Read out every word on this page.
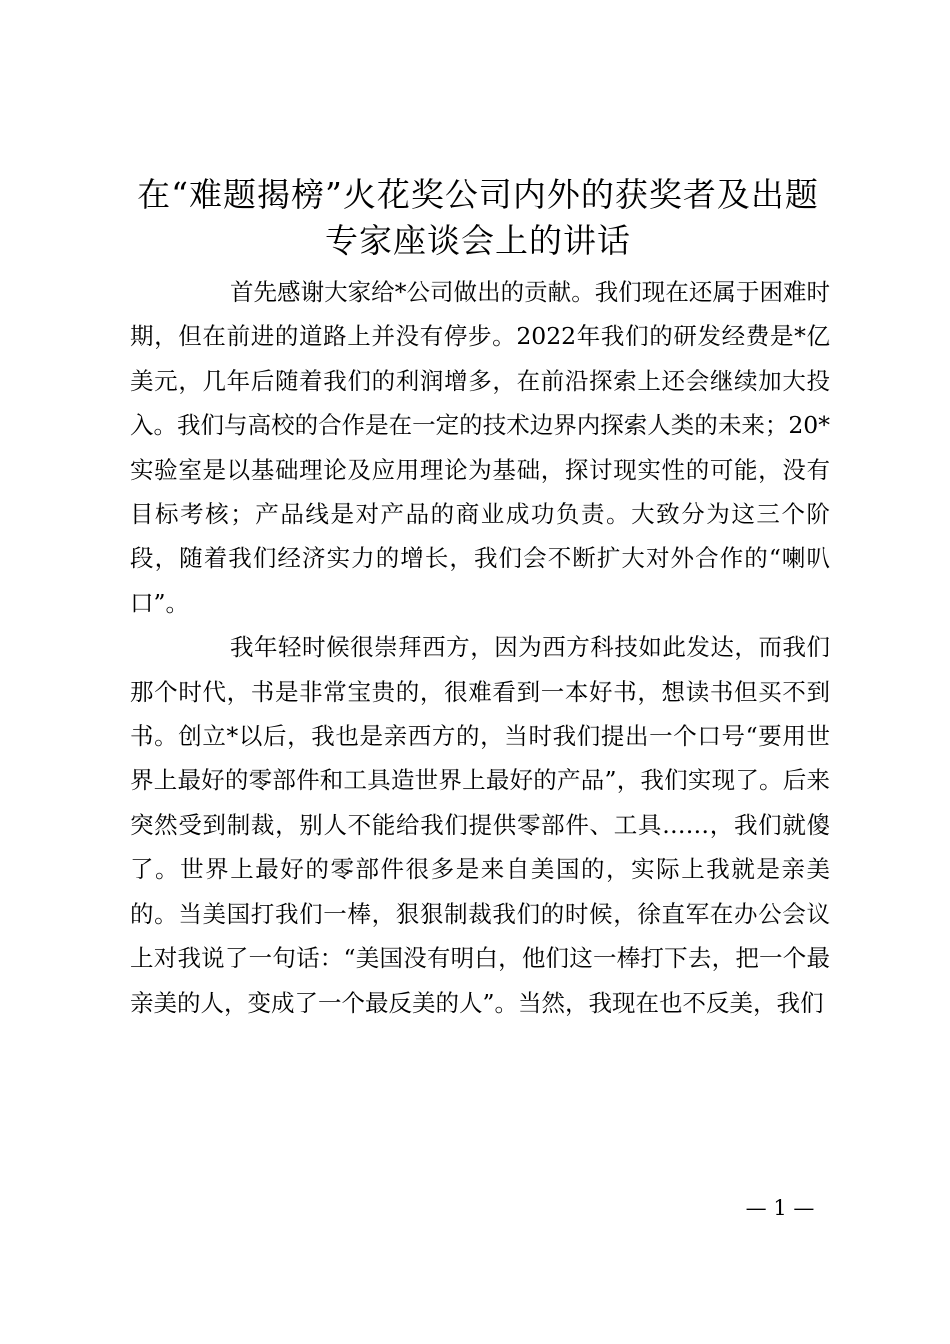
在“难题揭榜”火花奖公司内外的获奖者及出题专家座谈会上的讲话

首先感谢大家给*公司做出的贡献。我们现在还属于困难时期，但在前进的道路上并没有停步。2022年我们的研发经费是*亿美元，几年后随着我们的利润增多，在前沿探索上还会继续加大投入。我们与高校的合作是在一定的技术边界内探索人类的未来；20*实验室是以基础理论及应用理论为基础，探讨现实性的可能，没有目标考核；产品线是对产品的商业成功负责。大致分为这三个阶段，随着我们经济实力的增长，我们会不断扩大对外合作的“喇叭口”。

我年轻时候很崇拜西方，因为西方科技如此发达，而我们那个时代，书是非常宝贵的，很难看到一本好书，想读书但买不到书。创立*以后，我也是亲西方的，当时我们提出一个口号“要用世界上最好的零部件和工具造世界上最好的产品”，我们实现了。后来突然受到制裁，别人不能给我们提供零部件、工具……，我们就傻了。世界上最好的零部件很多是来自美国的，实际上我就是亲美的。当美国打我们一棒，狠狠制裁我们的时候，徐直军在办公会议上对我说了一句话：“美国没有明白，他们这一棒打下去，把一个最亲美的人，变成了一个最反美的人”。当然，我现在也不反美，我们

— 1 —
